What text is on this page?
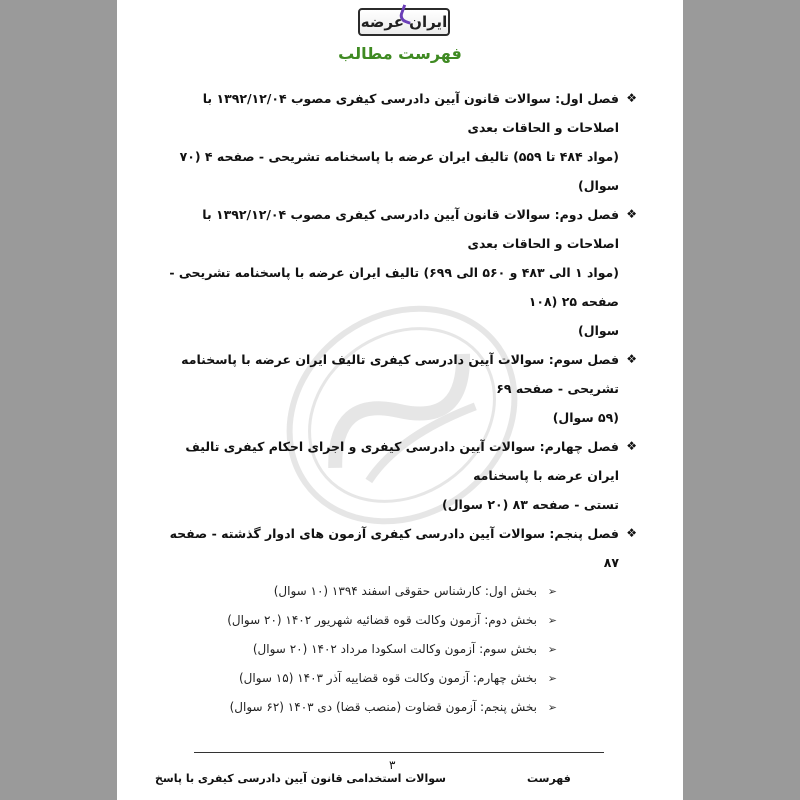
ایران عرضه
فهرست مطالب
❖
فصل اول: سوالات قانون آیین دادرسی کیفری مصوب ۱۳۹۲/۱۲/۰۴ با اصلاحات و الحاقات بعدی
(مواد ۴۸۴ تا ۵۵۹) تالیف ایران عرضه با پاسخنامه تشریحی - صفحه ۴ (۷۰ سوال)
❖
فصل دوم: سوالات قانون آیین دادرسی کیفری مصوب ۱۳۹۲/۱۲/۰۴ با اصلاحات و الحاقات بعدی
(مواد ۱ الی ۴۸۳ و ۵۶۰ الی ۶۹۹) تالیف ایران عرضه با پاسخنامه تشریحی - صفحه ۲۵ (۱۰۸
سوال)
❖
فصل سوم: سوالات آیین دادرسی کیفری تالیف ایران عرضه با پاسخنامه تشریحی - صفحه ۶۹
(۵۹ سوال)
❖
فصل چهارم: سوالات آیین دادرسی کیفری و اجرای احکام کیفری تالیف ایران عرضه با پاسخنامه
تستی - صفحه ۸۳ (۲۰ سوال)
❖
فصل پنجم: سوالات آیین دادرسی کیفری آزمون های ادوار گذشته - صفحه ۸۷
➢
بخش اول: کارشناس حقوقی اسفند ۱۳۹۴ (۱۰ سوال)
➢
بخش دوم: آزمون وکالت قوه قضائیه شهریور ۱۴۰۲ (۲۰ سوال)
➢
بخش سوم: آزمون وکالت اسکودا مرداد ۱۴۰۲ (۲۰ سوال)
➢
بخش چهارم: آزمون وکالت قوه قضاییه آذر ۱۴۰۳ (۱۵ سوال)
➢
بخش پنجم: آزمون قضاوت (منصب قضا) دی ۱۴۰۳ (۶۲ سوال)
۳
سوالات استخدامی قانون آیین دادرسی کیفری با پاسخ	فهرست
